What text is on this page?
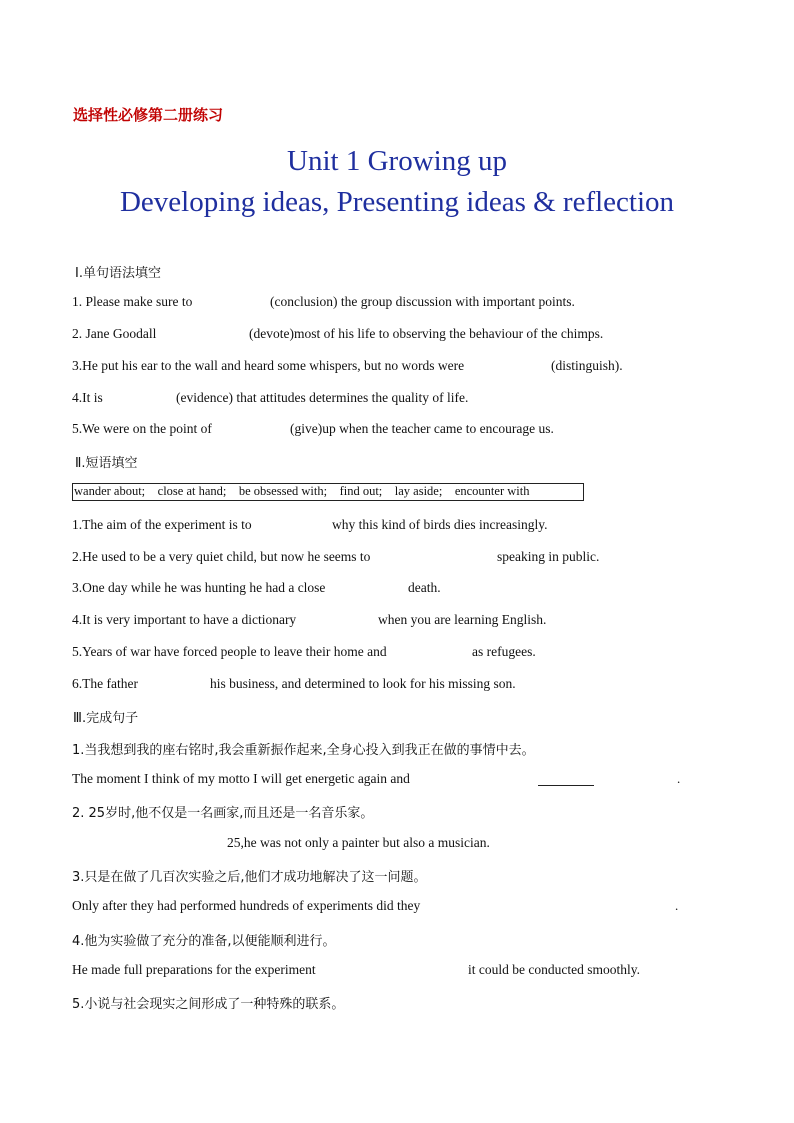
选择性必修第二册练习
Unit 1 Growing up
Developing ideas, Presenting ideas & reflection
Ⅰ.单句语法填空
1. Please make sure to	(conclusion) the group discussion with important points.
2. Jane Goodall	(devote)most of his life to observing the behaviour of the chimps.
3.He put his ear to the wall and heard some whispers, but no words were	(distinguish).
4.It is	(evidence) that attitudes determines the quality of life.
5.We were on the point of	(give)up when the teacher came to encourage us.
Ⅱ.短语填空
wander about;    close at hand;    be obsessed with;    find out;    lay aside;    encounter with
1.The aim of the experiment is to	why this kind of birds dies increasingly.
2.He used to be a very quiet child, but now he seems to	speaking in public.
3.One day while he was hunting he had a close	death.
4.It is very important to have a dictionary	when you are learning English.
5.Years of war have forced people to leave their home and	as refugees.
6.The father	his business, and determined to look for his missing son.
Ⅲ.完成句子
1.当我想到我的座右铭时,我会重新振作起来,全身心投入到我正在做的事情中去。
The moment I think of my motto I will get energetic again and	.
2. 25岁时,他不仅是一名画家,而且还是一名音乐家。
25,he was not only a painter but also a musician.
3.只是在做了几百次实验之后,他们才成功地解决了这一问题。
Only after they had performed hundreds of experiments did they	.
4.他为实验做了充分的准备,以便能顺利进行。
He made full preparations for the experiment	it could be conducted smoothly.
5.小说与社会现实之间形成了一种特殊的联系。
